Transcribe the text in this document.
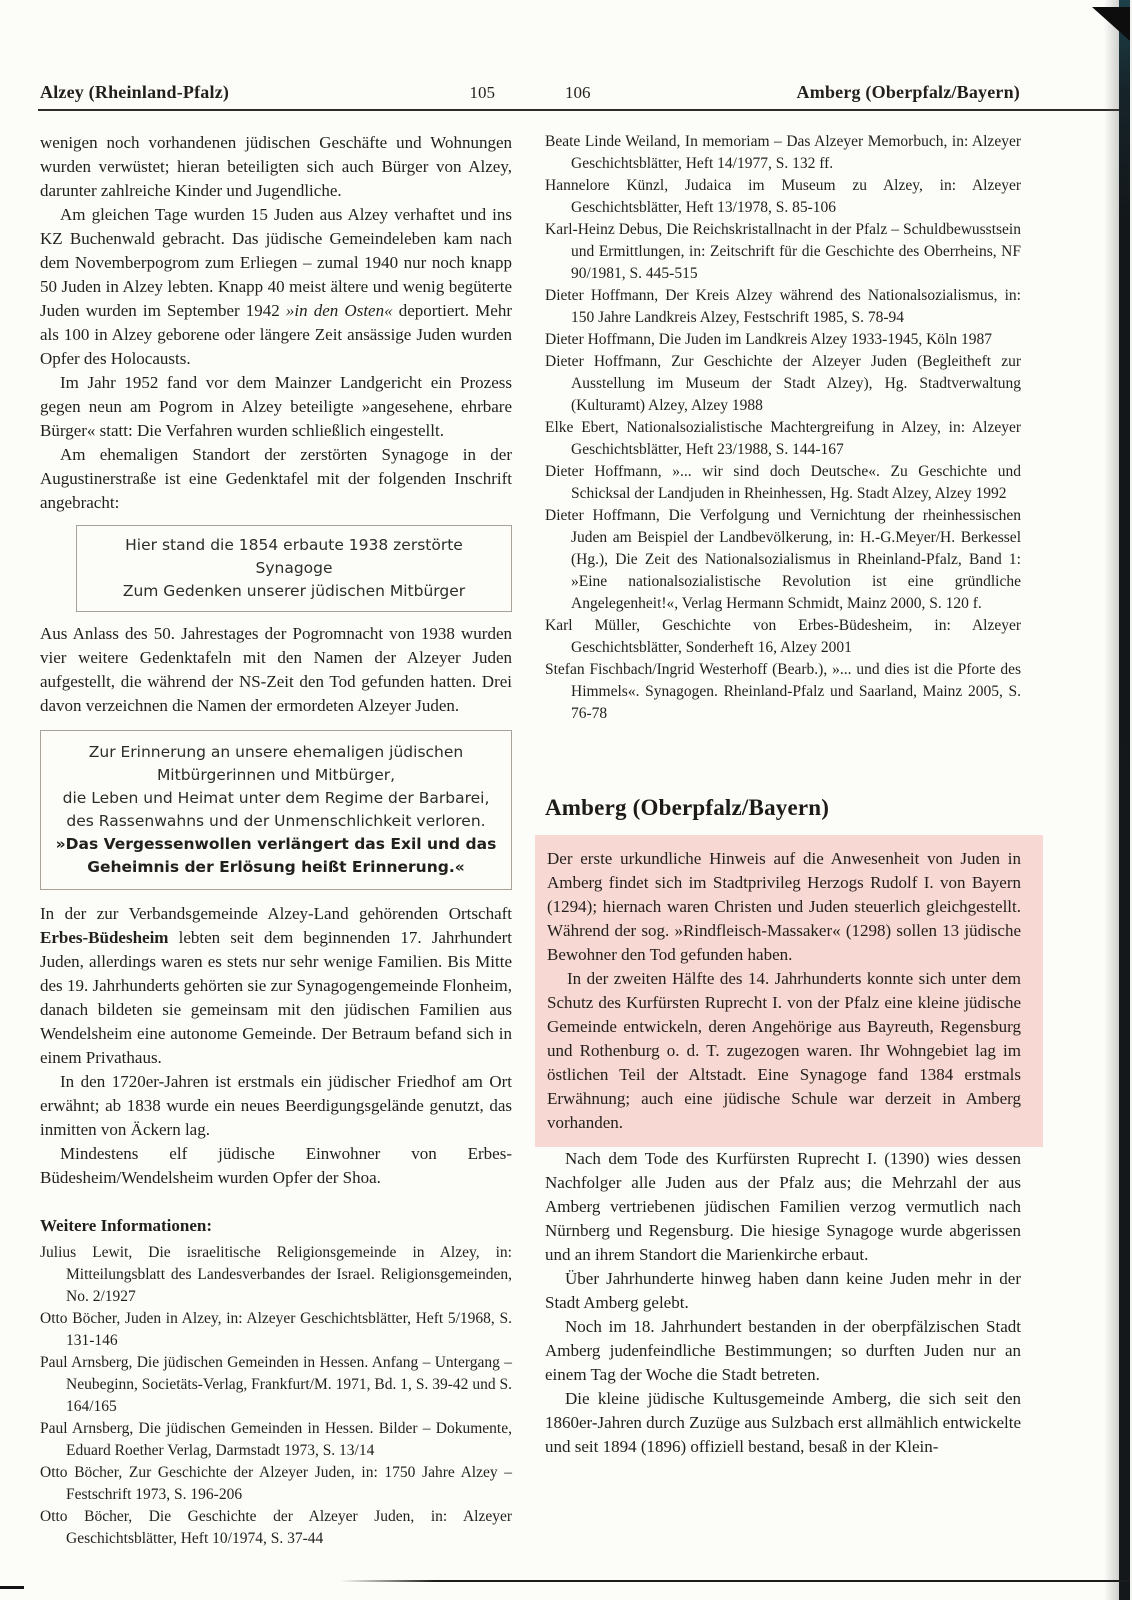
Alzey (Rheinland-Pfalz)	105	106	Amberg (Oberpfalz/Bayern)

wenigen noch vorhandenen jüdischen Geschäfte und Wohnungen wurden verwüstet; hieran beteiligten sich auch Bürger von Alzey, darunter zahlreiche Kinder und Jugendliche.

Am gleichen Tage wurden 15 Juden aus Alzey verhaftet und ins KZ Buchenwald gebracht. Das jüdische Gemeindeleben kam nach dem Novemberpogrom zum Erliegen – zumal 1940 nur noch knapp 50 Juden in Alzey lebten. Knapp 40 meist ältere und wenig begüterte Juden wurden im September 1942 »in den Osten« deportiert. Mehr als 100 in Alzey geborene oder längere Zeit ansässige Juden wurden Opfer des Holocausts.

Im Jahr 1952 fand vor dem Mainzer Landgericht ein Prozess gegen neun am Pogrom in Alzey beteiligte »angesehene, ehrbare Bürger« statt: Die Verfahren wurden schließlich eingestellt.

Am ehemaligen Standort der zerstörten Synagoge in der Augustinerstraße ist eine Gedenktafel mit der folgenden Inschrift angebracht:

Hier stand die 1854 erbaute 1938 zerstörte Synagoge
Zum Gedenken unserer jüdischen Mitbürger

Aus Anlass des 50. Jahrestages der Pogromnacht von 1938 wurden vier weitere Gedenktafeln mit den Namen der Alzeyer Juden aufgestellt, die während der NS-Zeit den Tod gefunden hatten. Drei davon verzeichnen die Namen der ermordeten Alzeyer Juden.

Zur Erinnerung an unsere ehemaligen jüdischen Mitbürgerinnen und Mitbürger,
die Leben und Heimat unter dem Regime der Barbarei,
des Rassenwahns und der Unmenschlichkeit verloren.
»Das Vergessenwollen verlängert das Exil und das Geheimnis der Erlösung heißt Erinnerung.«

In der zur Verbandsgemeinde Alzey-Land gehörenden Ortschaft Erbes-Büdesheim lebten seit dem beginnenden 17. Jahrhundert Juden, allerdings waren es stets nur sehr wenige Familien. Bis Mitte des 19. Jahrhunderts gehörten sie zur Synagogengemeinde Flonheim, danach bildeten sie gemeinsam mit den jüdischen Familien aus Wendelsheim eine autonome Gemeinde. Der Betraum befand sich in einem Privathaus.

In den 1720er-Jahren ist erstmals ein jüdischer Friedhof am Ort erwähnt; ab 1838 wurde ein neues Beerdigungsgelände genutzt, das inmitten von Äckern lag.

Mindestens elf jüdische Einwohner von Erbes-Büdesheim/Wendelsheim wurden Opfer der Shoa.

Weitere Informationen:
Julius Lewit, Die israelitische Religionsgemeinde in Alzey, in: Mitteilungsblatt des Landesverbandes der Israel. Religionsgemeinden, No. 2/1927
Otto Böcher, Juden in Alzey, in: Alzeyer Geschichtsblätter, Heft 5/1968, S. 131-146
Paul Arnsberg, Die jüdischen Gemeinden in Hessen. Anfang – Untergang – Neubeginn, Societäts-Verlag, Frankfurt/M. 1971, Bd. 1, S. 39-42 und S. 164/165
Paul Arnsberg, Die jüdischen Gemeinden in Hessen. Bilder – Dokumente, Eduard Roether Verlag, Darmstadt 1973, S. 13/14
Otto Böcher, Zur Geschichte der Alzeyer Juden, in: 1750 Jahre Alzey – Festschrift 1973, S. 196-206
Otto Böcher, Die Geschichte der Alzeyer Juden, in: Alzeyer Geschichtsblätter, Heft 10/1974, S. 37-44
Beate Linde Weiland, In memoriam – Das Alzeyer Memorbuch, in: Alzeyer Geschichtsblätter, Heft 14/1977, S. 132 ff.
Hannelore Künzl, Judaica im Museum zu Alzey, in: Alzeyer Geschichtsblätter, Heft 13/1978, S. 85-106
Karl-Heinz Debus, Die Reichskristallnacht in der Pfalz – Schuldbewusstsein und Ermittlungen, in: Zeitschrift für die Geschichte des Oberrheins, NF 90/1981, S. 445-515
Dieter Hoffmann, Der Kreis Alzey während des Nationalsozialismus, in: 150 Jahre Landkreis Alzey, Festschrift 1985, S. 78-94
Dieter Hoffmann, Die Juden im Landkreis Alzey 1933-1945, Köln 1987
Dieter Hoffmann, Zur Geschichte der Alzeyer Juden (Begleitheft zur Ausstellung im Museum der Stadt Alzey), Hg. Stadtverwaltung (Kulturamt) Alzey, Alzey 1988
Elke Ebert, Nationalsozialistische Machtergreifung in Alzey, in: Alzeyer Geschichtsblätter, Heft 23/1988, S. 144-167
Dieter Hoffmann, »... wir sind doch Deutsche«. Zu Geschichte und Schicksal der Landjuden in Rheinhessen, Hg. Stadt Alzey, Alzey 1992
Dieter Hoffmann, Die Verfolgung und Vernichtung der rheinhessischen Juden am Beispiel der Landbevölkerung, in: H.-G.Meyer/H. Berkessel (Hg.), Die Zeit des Nationalsozialismus in Rheinland-Pfalz, Band 1: »Eine nationalsozialistische Revolution ist eine gründliche Angelegenheit!«, Verlag Hermann Schmidt, Mainz 2000, S. 120 f.
Karl Müller, Geschichte von Erbes-Büdesheim, in: Alzeyer Geschichtsblätter, Sonderheft 16, Alzey 2001
Stefan Fischbach/Ingrid Westerhoff (Bearb.), »... und dies ist die Pforte des Himmels«. Synagogen. Rheinland-Pfalz und Saarland, Mainz 2005, S. 76-78
Amberg (Oberpfalz/Bayern)

Der erste urkundliche Hinweis auf die Anwesenheit von Juden in Amberg findet sich im Stadtprivileg Herzogs Rudolf I. von Bayern (1294); hiernach waren Christen und Juden steuerlich gleichgestellt. Während der sog. »Rindfleisch-Massaker« (1298) sollen 13 jüdische Bewohner den Tod gefunden haben.

In der zweiten Hälfte des 14. Jahrhunderts konnte sich unter dem Schutz des Kurfürsten Ruprecht I. von der Pfalz eine kleine jüdische Gemeinde entwickeln, deren Angehörige aus Bayreuth, Regensburg und Rothenburg o. d. T. zugezogen waren. Ihr Wohngebiet lag im östlichen Teil der Altstadt. Eine Synagoge fand 1384 erstmals Erwähnung; auch eine jüdische Schule war derzeit in Amberg vorhanden.

Nach dem Tode des Kurfürsten Ruprecht I. (1390) wies dessen Nachfolger alle Juden aus der Pfalz aus; die Mehrzahl der aus Amberg vertriebenen jüdischen Familien verzog vermutlich nach Nürnberg und Regensburg. Die hiesige Synagoge wurde abgerissen und an ihrem Standort die Marienkirche erbaut.

Über Jahrhunderte hinweg haben dann keine Juden mehr in der Stadt Amberg gelebt.

Noch im 18. Jahrhundert bestanden in der oberpfälzischen Stadt Amberg judenfeindliche Bestimmungen; so durften Juden nur an einem Tag der Woche die Stadt betreten.

Die kleine jüdische Kultusgemeinde Amberg, die sich seit den 1860er-Jahren durch Zuzüge aus Sulzbach erst allmählich entwickelte und seit 1894 (1896) offiziell bestand, besaß in der Klein-
